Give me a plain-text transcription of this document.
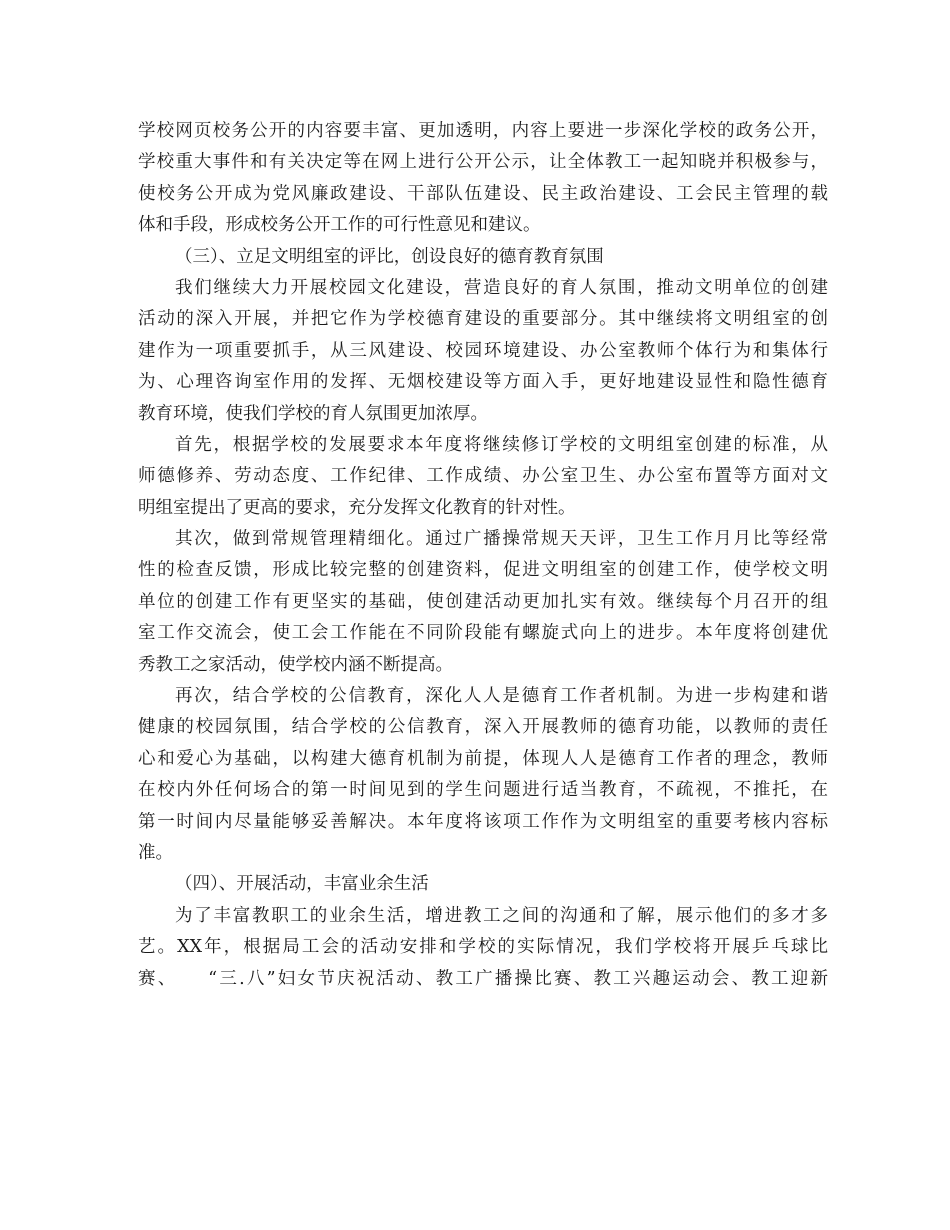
学校网页校务公开的内容要丰富、更加透明，内容上要进一步深化学校的政务公开，
学校重大事件和有关决定等在网上进行公开公示，让全体教工一起知晓并积极参与，
使校务公开成为党风廉政建设、干部队伍建设、民主政治建设、工会民主管理的载
体和手段，形成校务公开工作的可行性意见和建议。
（三）、立足文明组室的评比，创设良好的德育教育氛围
我们继续大力开展校园文化建设，营造良好的育人氛围，推动文明单位的创建
活动的深入开展，并把它作为学校德育建设的重要部分。其中继续将文明组室的创
建作为一项重要抓手，从三风建设、校园环境建设、办公室教师个体行为和集体行
为、心理咨询室作用的发挥、无烟校建设等方面入手，更好地建设显性和隐性德育
教育环境，使我们学校的育人氛围更加浓厚。
首先，根据学校的发展要求本年度将继续修订学校的文明组室创建的标准，从
师德修养、劳动态度、工作纪律、工作成绩、办公室卫生、办公室布置等方面对文
明组室提出了更高的要求，充分发挥文化教育的针对性。
其次，做到常规管理精细化。通过广播操常规天天评，卫生工作月月比等经常
性的检查反馈，形成比较完整的创建资料，促进文明组室的创建工作，使学校文明
单位的创建工作有更坚实的基础，使创建活动更加扎实有效。继续每个月召开的组
室工作交流会，使工会工作能在不同阶段能有螺旋式向上的进步。本年度将创建优
秀教工之家活动，使学校内涵不断提高。
再次，结合学校的公信教育，深化人人是德育工作者机制。为进一步构建和谐
健康的校园氛围，结合学校的公信教育，深入开展教师的德育功能，以教师的责任
心和爱心为基础，以构建大德育机制为前提，体现人人是德育工作者的理念，教师
在校内外任何场合的第一时间见到的学生问题进行适当教育，不疏视，不推托，在
第一时间内尽量能够妥善解决。本年度将该项工作作为文明组室的重要考核内容标
准。
（四）、开展活动，丰富业余生活
为了丰富教职工的业余生活，增进教工之间的沟通和了解，展示他们的多才多
艺。XX年，根据局工会的活动安排和学校的实际情况，我们学校将开展乒乓球比
赛、　　“三.八”妇女节庆祝活动、教工广播操比赛、教工兴趣运动会、教工迎新
